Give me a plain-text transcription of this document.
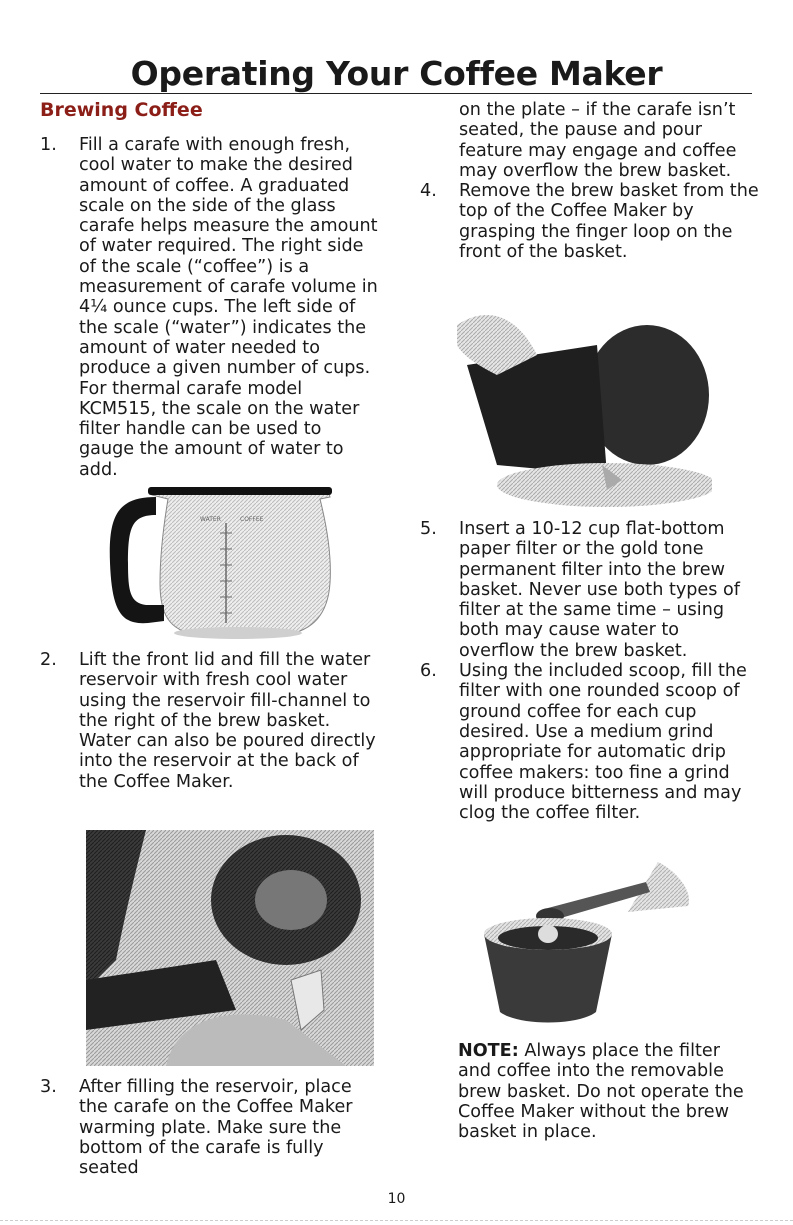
Operating Your Coffee Maker
Brewing Coffee
1. Fill a carafe with enough fresh, cool water to make the desired amount of coffee. A graduated scale on the side of the glass carafe helps measure the amount of water required. The right side of the scale (“coffee”) is a measurement of carafe volume in 4¼ ounce cups. The left side of the scale (“water”) indicates the amount of water needed to produce a given number of cups. For thermal carafe model KCM515, the scale on the water filter handle can be used to gauge the amount of water to add.
WATER	COFFEE
2. Lift the front lid and fill the water reservoir with fresh cool water using the reservoir fill-channel to the right of the brew basket. Water can also be poured directly into the reservoir at the back of the Coffee Maker.
3. After filling the reservoir, place the carafe on the Coffee Maker warming plate. Make sure the bottom of the carafe is fully seated
on the plate – if the carafe isn’t seated, the pause and pour feature may engage and coffee may overflow the brew basket.
4. Remove the brew basket from the top of the Coffee Maker by grasping the finger loop on the front of the basket.
5. Insert a 10-12 cup flat-bottom paper filter or the gold tone permanent filter into the brew basket. Never use both types of filter at the same time – using both may cause water to overflow the brew basket.
6. Using the included scoop, fill the filter with one rounded scoop of ground coffee for each cup desired. Use a medium grind appropriate for automatic drip coffee makers: too fine a grind will produce bitterness and may clog the coffee filter.
NOTE: Always place the filter and coffee into the removable brew basket. Do not operate the Coffee Maker without the brew basket in place.
10
